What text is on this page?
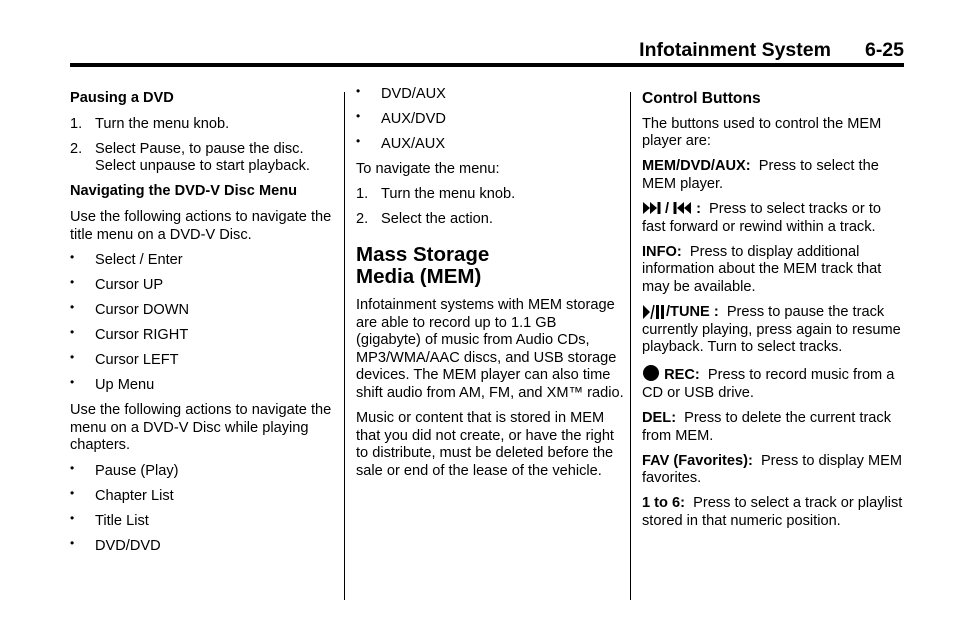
Infotainment System 6-25
Pausing a DVD
1. Turn the menu knob.
2. Select Pause, to pause the disc. Select unpause to start playback.
Navigating the DVD-V Disc Menu

Use the following actions to navigate the title menu on a DVD-V Disc.

• Select / Enter
• Cursor UP
• Cursor DOWN
• Cursor RIGHT
• Cursor LEFT
• Up Menu

Use the following actions to navigate the menu on a DVD-V Disc while playing chapters.

• Pause (Play)
• Chapter List
• Title List
• DVD/DVD
• DVD/AUX
• AUX/DVD
• AUX/AUX

To navigate the menu:

1. Turn the menu knob.
2. Select the action.
Mass Storage
Media (MEM)

Infotainment systems with MEM storage are able to record up to 1.1 GB (gigabyte) of music from Audio CDs, MP3/WMA/AAC discs, and USB storage devices. The MEM player can also time shift audio from AM, FM, and XM™ radio.

Music or content that is stored in MEM that you did not create, or have the right to distribute, must be deleted before the sale or end of the lease of the vehicle.

Control Buttons

The buttons used to control the MEM player are:

MEM/DVD/AUX: Press to select the MEM player.

/ : Press to select tracks or to fast forward or rewind within a track.

INFO: Press to display additional information about the MEM track that may be available.

/TUNE : Press to pause the track currently playing, press again to resume playback. Turn to select tracks.

REC: Press to record music from a CD or USB drive.

DEL: Press to delete the current track from MEM.

FAV (Favorites): Press to display MEM favorites.

1 to 6: Press to select a track or playlist stored in that numeric position.
